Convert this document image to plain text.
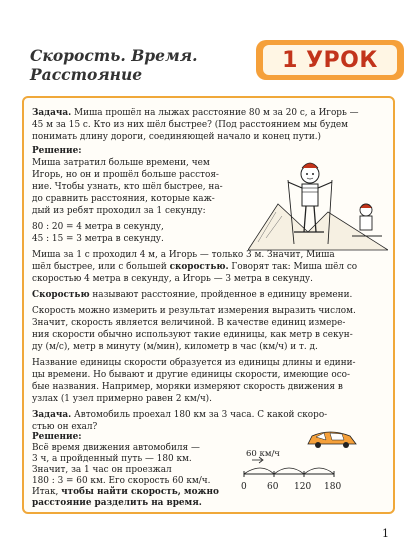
Скорость. Время. Расстояние
1 УРОК

Задача. Миша прошёл на лыжах расстояние 80 м за 20 с, а Игорь —

45 м за 15 с. Кто из них шёл быстрее? (Под расстоянием мы будем

понимать длину дороги, соединяющей начало и конец пути.)

Решение:

Миша затратил больше времени, чем

Игорь, но он и прошёл больше расстоя-

ние. Чтобы узнать, кто шёл быстрее, на-

до сравнить расстояния, которые каж-

дый из ребят проходил за 1 секунду:

80 : 20 = 4 метра в секунду,

45 : 15 = 3 метра в секунду.

Миша за 1 с проходил 4 м, а Игорь — только 3 м. Значит, Миша

шёл быстрее, или с большей скоростью. Говорят так: Миша шёл со

скоростью 4 метра в секунду, а Игорь — 3 метра в секунду.

Скоростью называют расстояние, пройденное в единицу времени.

Скорость можно измерить и результат измерения выразить числом.

Значит, скорость является величиной. В качестве единиц измере-

ния скорости обычно используют такие единицы, как метр в секун-

ду (м/с), метр в минуту (м/мин), километр в час (км/ч) и т. д.

Название единицы скорости образуется из единицы длины и едини-

цы времени. Но бывают и другие единицы скорости, имеющие осо-

бые названия. Например, моряки измеряют скорость движения в

узлах (1 узел примерно равен 2 км/ч).

Задача. Автомобиль проехал 180 км за 3 часа. С какой скоро-

стью он ехал?

Решение:

Всё время движения автомобиля —

3 ч, а пройденный путь — 180 км.

Значит, за 1 час он проезжал

180 : 3 = 60 км. Его скорость 60 км/ч.

60 км/ч
0 60 120 180

1

Итак, чтобы найти скорость, можно

расстояние разделить на время.
